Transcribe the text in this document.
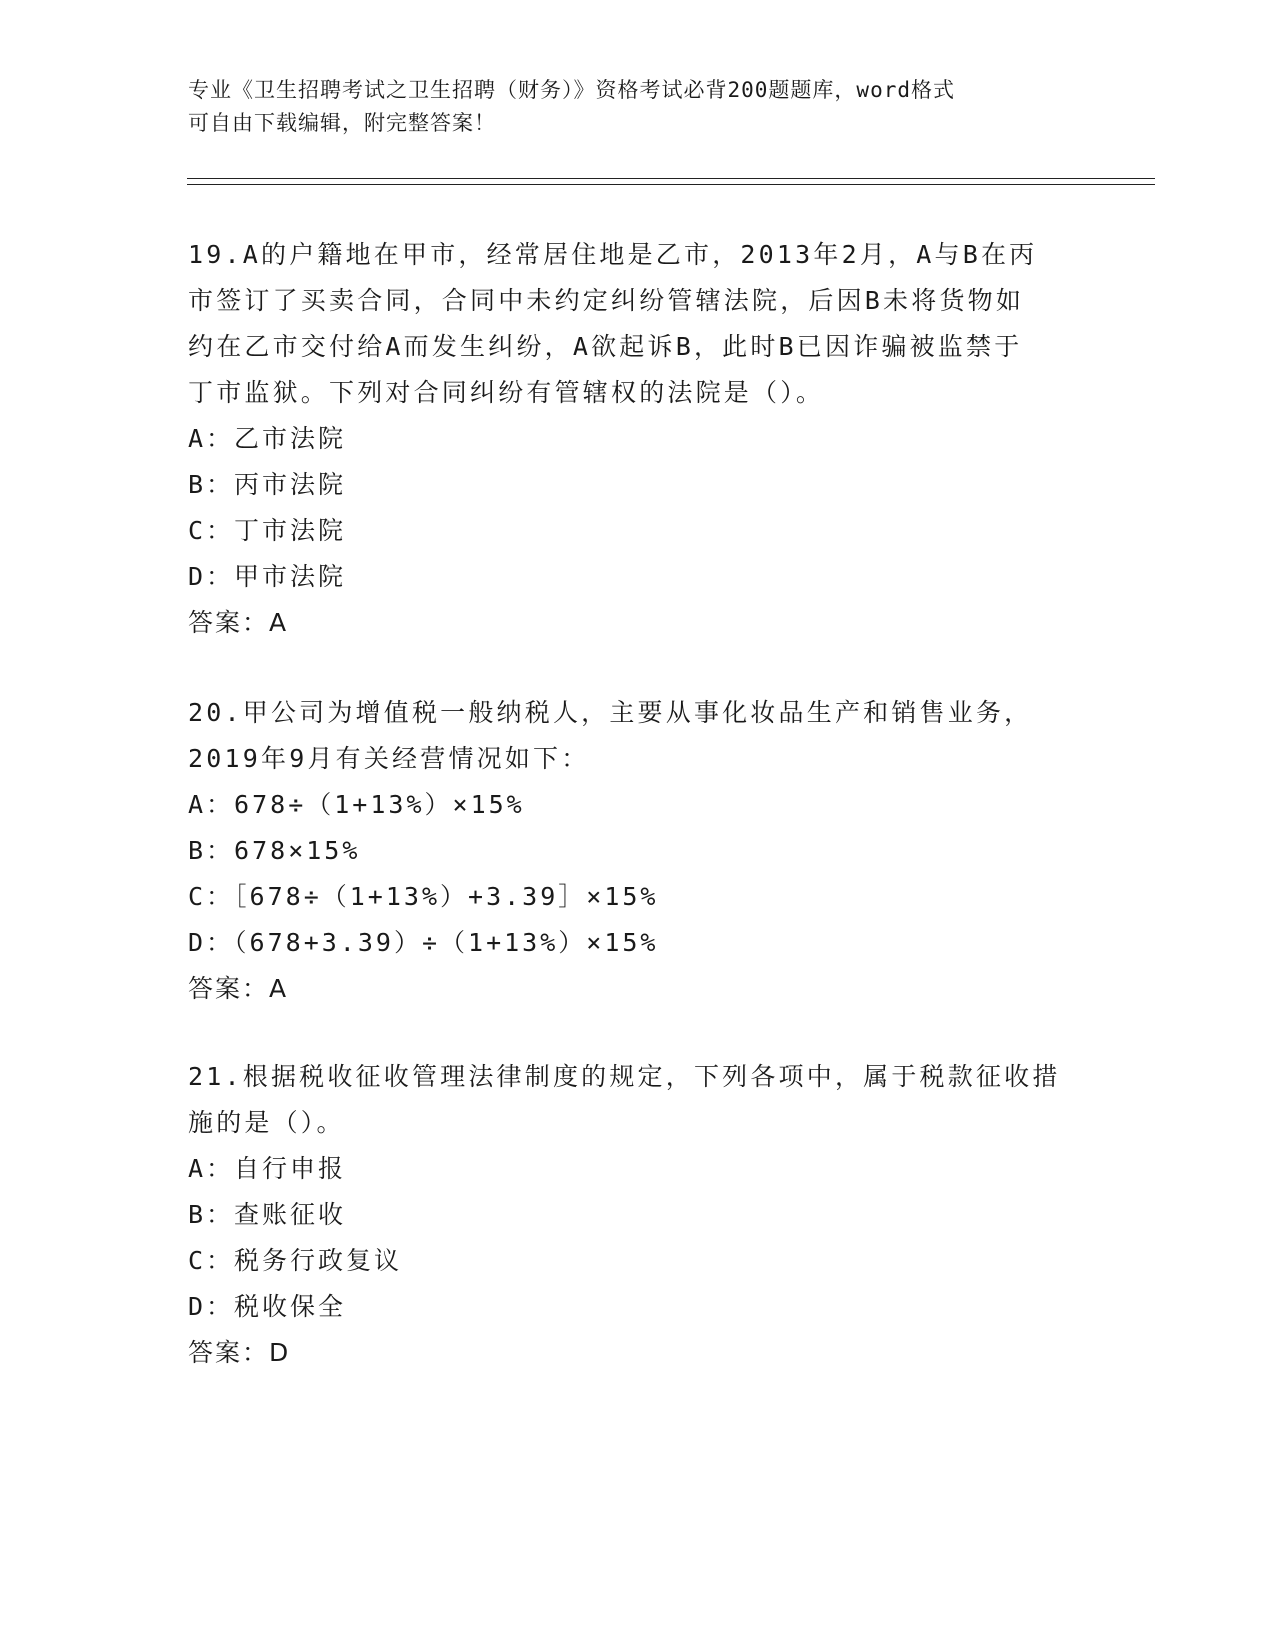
专业《卫生招聘考试之卫生招聘（财务）》资格考试必背200题题库，word格式
可自由下载编辑，附完整答案！
19.A的户籍地在甲市，经常居住地是乙市，2013年2月，A与B在丙
市签订了买卖合同，合同中未约定纠纷管辖法院，后因B未将货物如
约在乙市交付给A而发生纠纷，A欲起诉B，此时B已因诈骗被监禁于
丁市监狱。下列对合同纠纷有管辖权的法院是（）。
A：乙市法院
B：丙市法院
C：丁市法院
D：甲市法院
答案：A
20.甲公司为增值税一般纳税人，主要从事化妆品生产和销售业务，
2019年9月有关经营情况如下：
A：678÷（1+13%）×15%
B：678×15%
C：［678÷（1+13%）+3.39］×15%
D：（678+3.39）÷（1+13%）×15%
答案：A
21.根据税收征收管理法律制度的规定，下列各项中，属于税款征收措
施的是（）。
A：自行申报
B：查账征收
C：税务行政复议
D：税收保全
答案：D
